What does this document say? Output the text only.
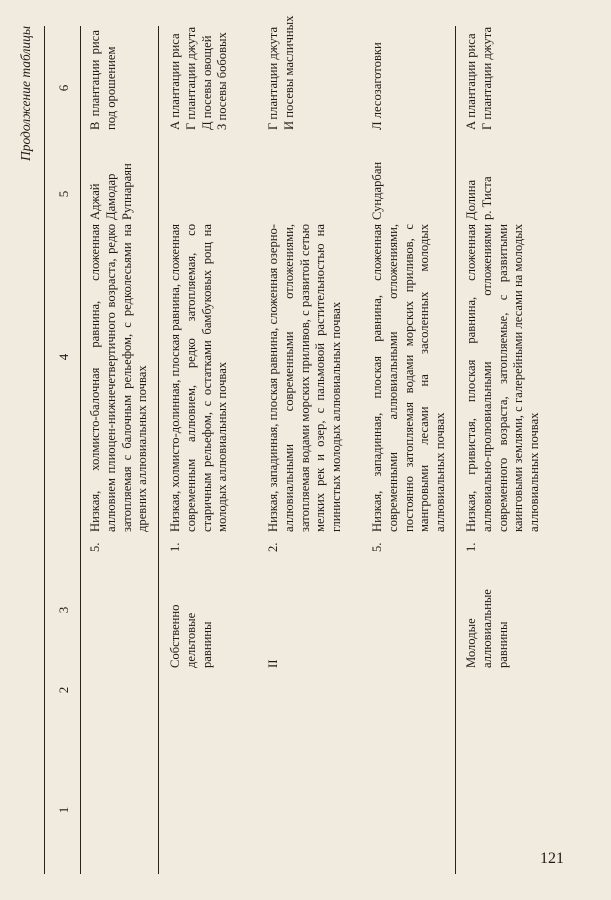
Продолжение таблицы
1
2
3
4
5
6
5.
Низкая, холмисто-балочная равнина, сложенная аллювием плиоцен-нижнечетвертичного возраста, редко затопляемая с балочным рельефом, с редколесьями на древних аллювиальных почвах
Аджай
Дамодар
Рупнараян
В плантации риса под орошением
Собственно дельтовые равнины
1.
Низкая, холмисто-долинная, плоская равнина, сложенная современным аллювием, редко затопляемая, со старичным рельефом, с остатками бамбуковых рощ на молодых аллювиальных почвах
А плантации риса
Г плантации джута
Д посевы овощей
З посевы бобовых
II
2.
Низкая, западинная, плоская равнина, сложенная озерно-аллювиальными современными отложениями, затопляемая водами морских приливов, с развитой сетью мелких рек и озер, с пальмовой растительностью на глинистых молодых аллювиальных почвах
Г плантации джута
И посевы масличных
5.
Низкая, западинная, плоская равнина, сложенная современными аллювиальными отложениями, постоянно затопляемая водами морских приливов, с мангровыми лесами на засоленных молодых аллювиальных почвах
Сундарбан
Л лесозаготовки
Молодые аллювиальные равнины
1.
Низкая, гривистая, плоская равнина, сложенная аллювиально-пролювиальными отложениями современного возраста, затопляемые, с развитыми каинговыми землями, с галерейными лесами на молодых аллювиальных почвах
Долина
р. Тиста
А плантации риса
Г плантации джута
121
